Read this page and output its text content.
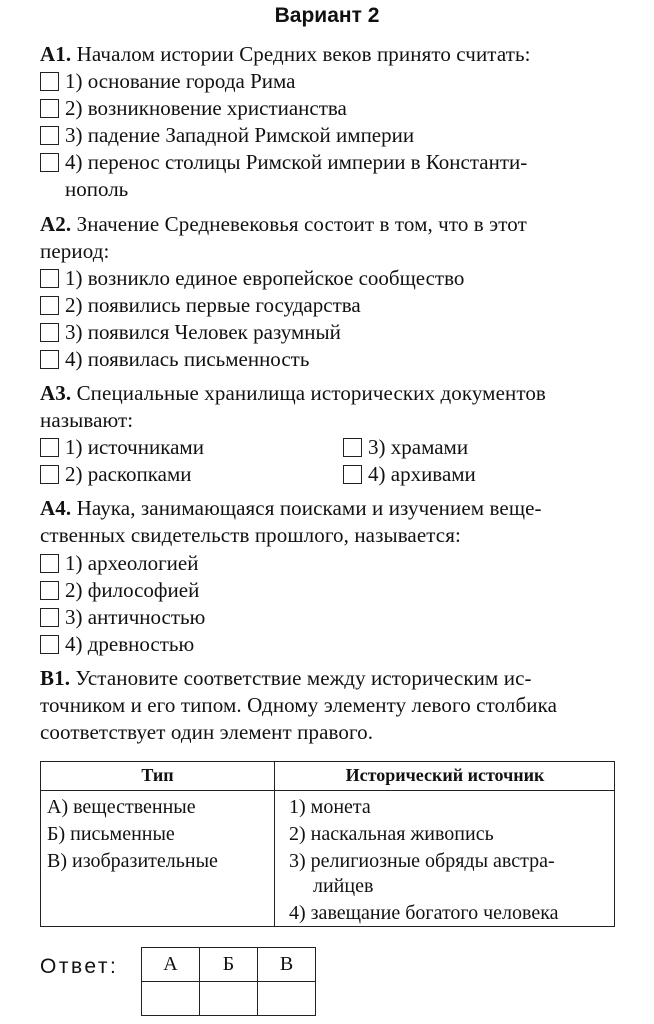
Вариант 2
А1. Началом истории Средних веков принято считать:
1) основание города Рима
2) возникновение христианства
3) падение Западной Римской империи
4) перенос столицы Римской империи в Константи-
нополь
А2. Значение Средневековья состоит в том, что в этот
период:
1) возникло единое европейское сообщество
2) появились первые государства
3) появился Человек разумный
4) появилась письменность
А3. Специальные хранилища исторических документов
называют:
1) источниками
2) раскопками
3) храмами
4) архивами
А4. Наука, занимающаяся поисками и изучением веще-
ственных свидетельств прошлого, называется:
1) археологией
2) философией
3) античностью
4) древностью
В1. Установите соответствие между историческим ис-
точником и его типом. Одному элементу левого столбика
соответствует один элемент правого.
Тип	Исторический источник
А) вещественные
Б) письменные
В) изобразительные
1) монета
2) наскальная живопись
3) религиозные обряды австра-
лийцев
4) завещание богатого человека
Ответ: А	Б	В
